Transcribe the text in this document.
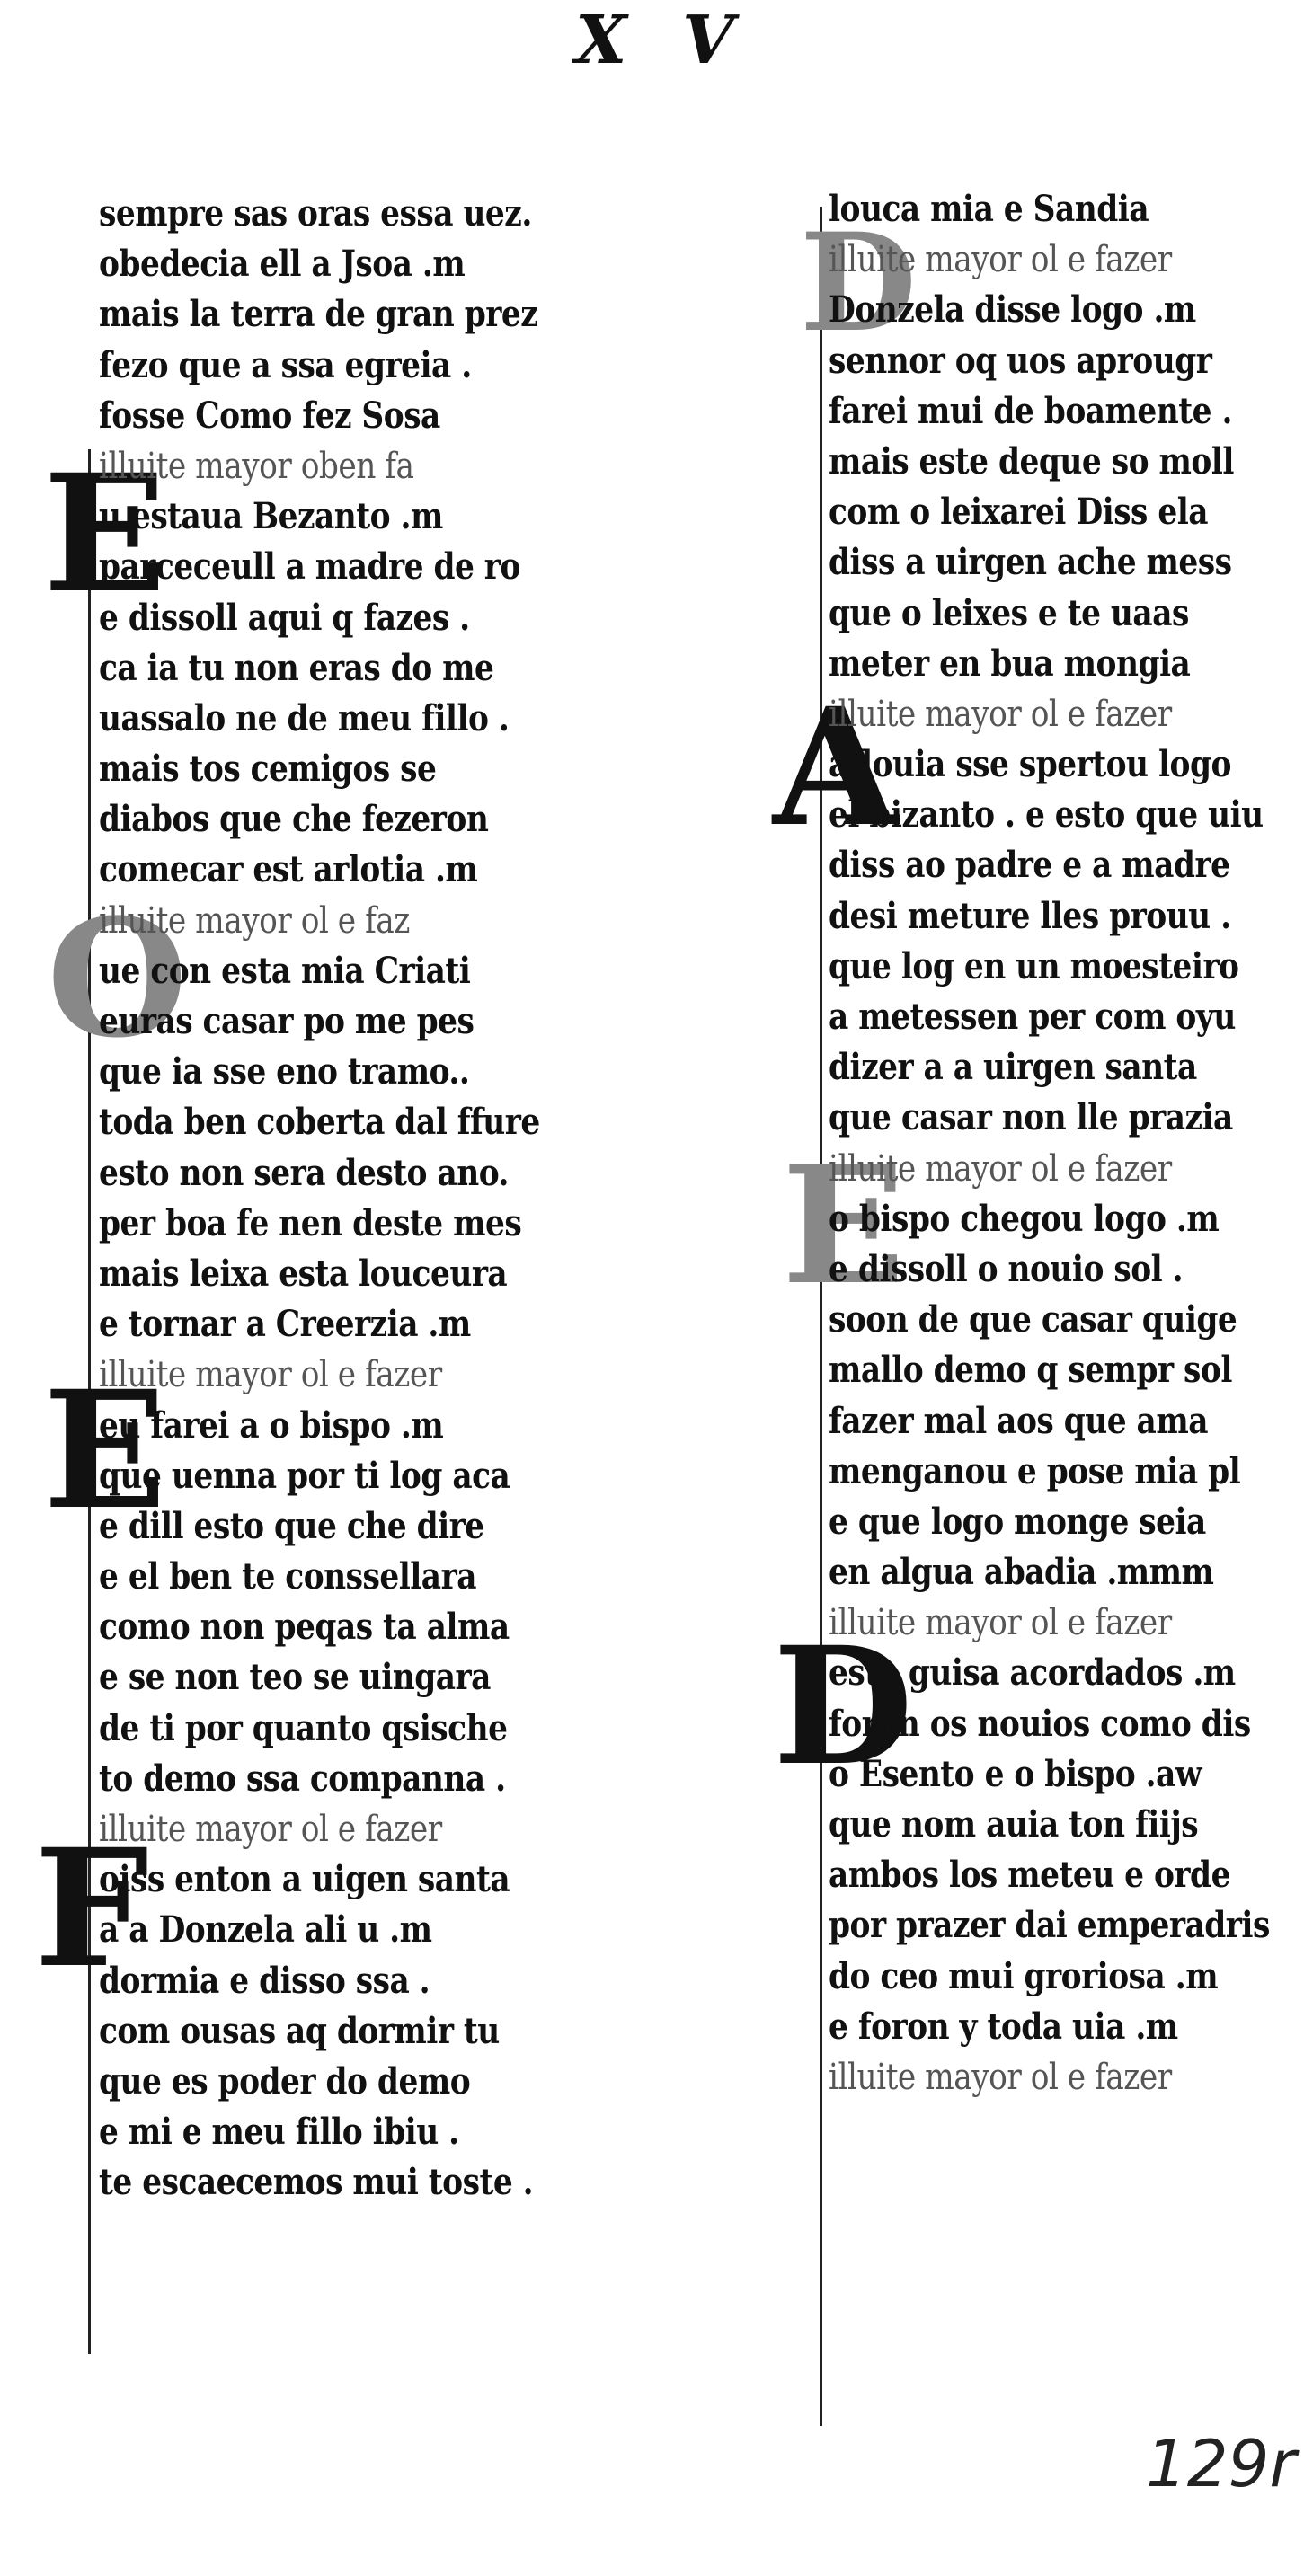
X V
E
O
E
F
D
A
E
D
sempre sas oras essa uez.
obedecia ell a Jsoa .m
mais la terra de gran prez
fezo que a ssa egreia .
fosse Como fez Sosa
illuite mayor oben fa
u estaua Bezanto .m
parceceull a madre de ro
e dissoll aqui q fazes .
ca ia tu non eras do me
uassalo ne de meu fillo .
mais tos cemigos se
diabos que che fezeron
comecar est arlotia .m
illuite mayor ol e faz
ue con esta mia Criati
euras casar po me pes
que ia sse eno tramo..
toda ben coberta dal ffure
esto non sera desto ano.
per boa fe nen deste mes
mais leixa esta louceura
e tornar a Creerzia .m
illuite mayor ol e fazer
eu farei a o bispo .m
que uenna por ti log aca
e dill esto que che dire
e el ben te conssellara
como non peqas ta alma
e se non teo se uingara
de ti por quanto qsische
to demo ssa companna .
illuite mayor ol e fazer
oiss enton a uigen santa
a a Donzela ali u .m
dormia e disso ssa .
com ousas aq dormir tu
que es poder do demo
e mi e meu fillo ibiu .
te escaecemos mui toste .
louca mia e Sandia
illuite mayor ol e fazer
Donzela disse logo .m
sennor oq uos aprougr
farei mui de boamente .
mais este deque so moll
com o leixarei Diss ela
diss a uirgen ache mess
que o leixes e te uaas
meter en bua mongia
illuite mayor ol e fazer
aflouia sse spertou logo
el bizanto . e esto que uiu
diss ao padre e a madre
desi meture lles prouu .
que log en un moesteiro
a metessen per com oyu
dizer a a uirgen santa
que casar non lle prazia
illuite mayor ol e fazer
o bispo chegou logo .m
e dissoll o nouio sol .
soon de que casar quige
mallo demo q sempr sol
fazer mal aos que ama
menganou e pose mia pl
e que logo monge seia
en algua abadia .mmm
illuite mayor ol e fazer
esta guisa acordados .m
foron os nouios como dis
o Esento e o bispo .aw
que nom auia ton fiijs
ambos los meteu e orde
por prazer dai emperadris
do ceo mui groriosa .m
e foron y toda uia .m
illuite mayor ol e fazer
129r
